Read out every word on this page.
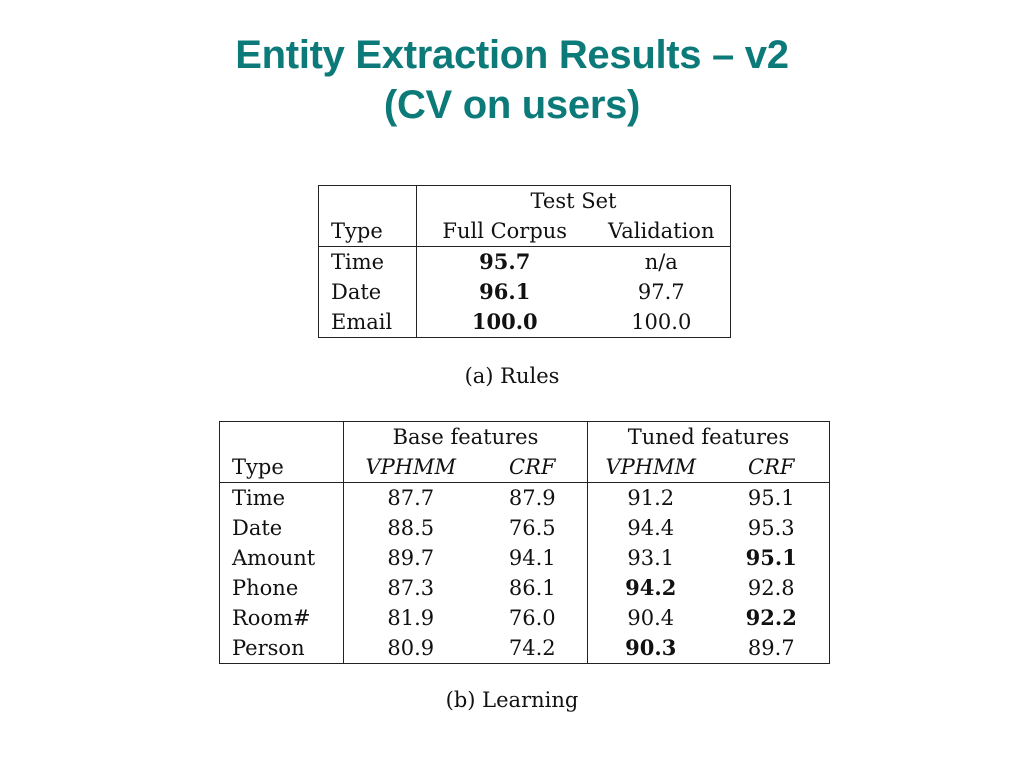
Entity Extraction Results – v2
(CV on users)
	Test Set	
Type	Full Corpus	Validation
Time	95.7	n/a
Date	96.1	97.7
Email	100.0	100.0
(a) Rules
	Base features		Tuned features	
Type	VPHMM	CRF	VPHMM	CRF
Time	87.7	87.9	91.2	95.1
Date	88.5	76.5	94.4	95.3
Amount	89.7	94.1	93.1	95.1
Phone	87.3	86.1	94.2	92.8
Room#	81.9	76.0	90.4	92.2
Person	80.9	74.2	90.3	89.7
(b) Learning
